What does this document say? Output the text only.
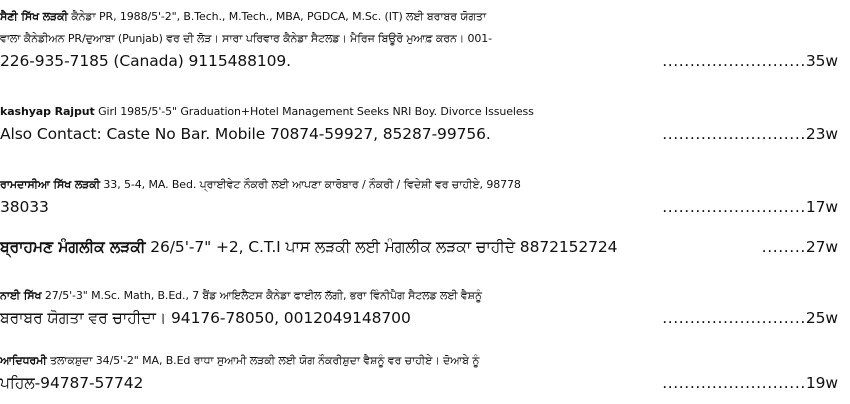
ਸੈਣੀ ਸਿੱਖ ਲੜਕੀ ਕੈਨੇਡਾ PR, 1988/5'-2", B.Tech., M.Tech., MBA, PGDCA, M.Sc. (IT) ਲਈ ਬਰਾਬਰ ਯੋਗਤਾ
ਵਾਲਾ ਕੈਨੇਡੀਅਨ PR/ਦੁਆਬਾ (Punjab) ਵਰ ਦੀ ਲੋੜ। ਸਾਰਾ ਪਰਿਵਾਰ ਕੈਨੇਡਾ ਸੈਟਲਡ। ਮੈਰਿਜ ਬਿਊਰੋ ਮੁਆਫ਼ ਕਰਨ। 001-
226-935-7185 (Canada) 9115488109.	..........................35w
kashyap Rajput Girl 1985/5'-5" Graduation+Hotel Management Seeks NRI Boy. Divorce Issueless
Also Contact: Caste No Bar. Mobile 70874-59927, 85287-99756.	..........................23w
ਰਾਮਦਾਸੀਆ ਸਿੱਖ ਲੜਕੀ 33, 5-4, MA. Bed. ਪ੍ਰਾਈਵੇਟ ਨੌਕਰੀ ਲਈ ਆਪਣਾ ਕਾਰੋਬਾਰ / ਨੌਕਰੀ / ਵਿਦੇਸ਼ੀ ਵਰ ਚਾਹੀਏ, 98778
38033	..........................17w
ਬ੍ਰਾਹਮਣ ਮੰਗਲੀਕ ਲੜਕੀ 26/5'-7" +2, C.T.I ਪਾਸ ਲੜਕੀ ਲਈ ਮੰਗਲੀਕ ਲੜਕਾ ਚਾਹੀਦੇ 8872152724	........27w
ਨਾਈ ਸਿੱਖ 27/5'-3" M.Sc. Math, B.Ed., 7 ਬੈਂਡ ਆਇਲੈਟਸ ਕੈਨੇਡਾ ਫਾਈਲ ਲੱਗੀ, ਭਰਾ ਵਿੰਨੀਪੈਗ ਸੈਟਲਡ ਲਈ ਵੈਸ਼ਨੂੰ
ਬਰਾਬਰ ਯੋਗਤਾ ਵਰ ਚਾਹੀਦਾ। 94176-78050, 0012049148700	..........................25w
ਆਦਿਧਰਮੀ ਤਲਾਕਸ਼ੁਦਾ 34/5'-2" MA, B.Ed ਰਾਧਾ ਸੁਆਮੀ ਲੜਕੀ ਲਈ ਯੋਗ ਨੌਕਰੀਸ਼ੁਦਾ ਵੈਸ਼ਨੂੰ ਵਰ ਚਾਹੀਏ। ਦੋਆਬੇ ਨੂੰ
ਪਹਿਲ-94787-57742	..........................19w
